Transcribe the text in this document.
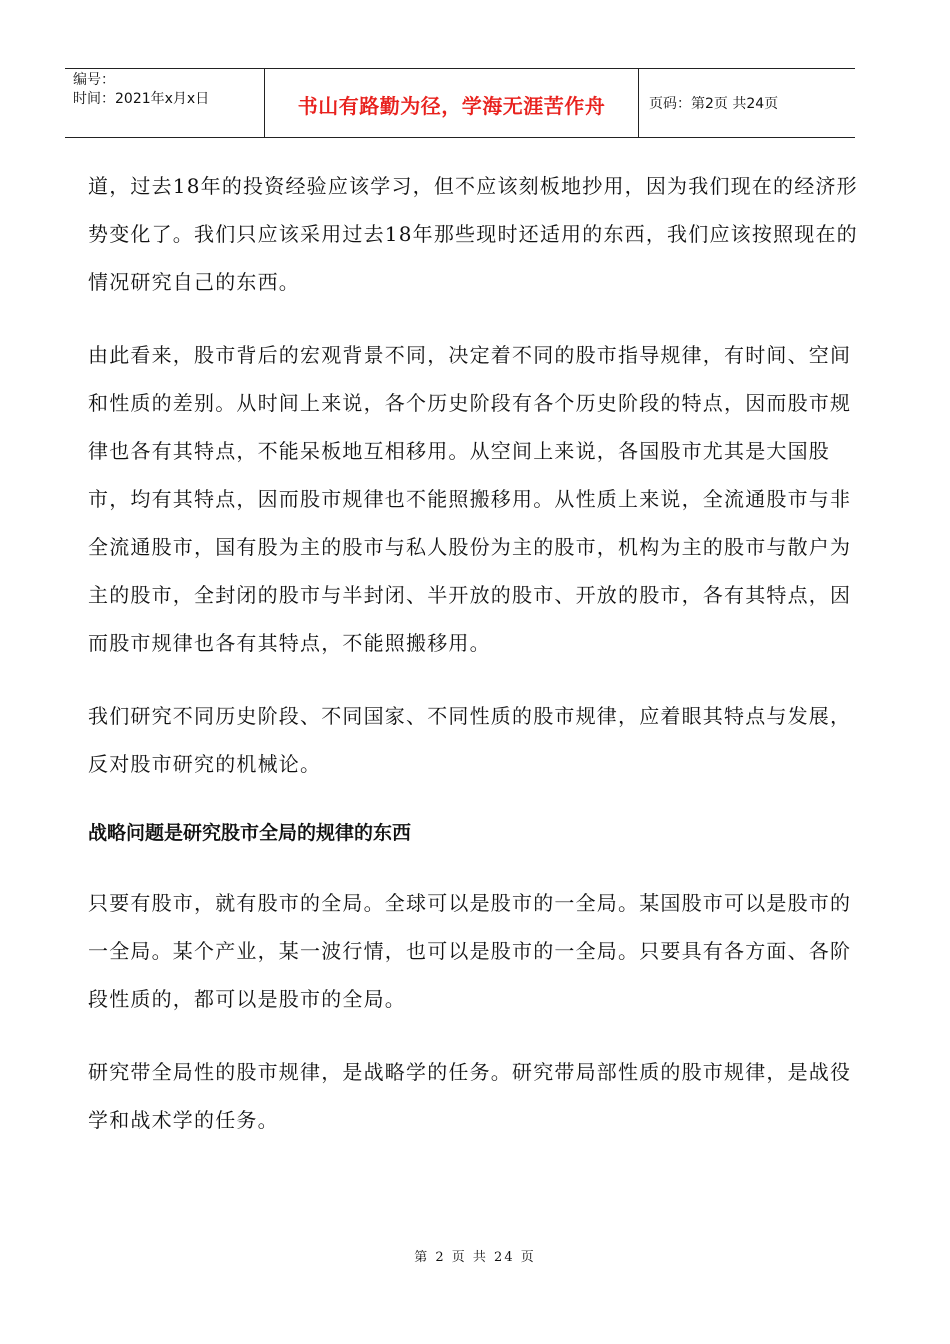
编号：
时间：2021年x月x日	书山有路勤为径，学海无涯苦作舟	页码：第2页 共24页

道，过去18年的投资经验应该学习，但不应该刻板地抄用，因为我们现在的经济形势变化了。我们只应该采用过去18年那些现时还适用的东西，我们应该按照现在的情况研究自己的东西。

由此看来，股市背后的宏观背景不同，决定着不同的股市指导规律，有时间、空间和性质的差别。从时间上来说，各个历史阶段有各个历史阶段的特点，因而股市规律也各有其特点，不能呆板地互相移用。从空间上来说，各国股市尤其是大国股市，均有其特点，因而股市规律也不能照搬移用。从性质上来说，全流通股市与非全流通股市，国有股为主的股市与私人股份为主的股市，机构为主的股市与散户为主的股市，全封闭的股市与半封闭、半开放的股市、开放的股市，各有其特点，因而股市规律也各有其特点，不能照搬移用。

我们研究不同历史阶段、不同国家、不同性质的股市规律，应着眼其特点与发展，反对股市研究的机械论。

战略问题是研究股市全局的规律的东西

只要有股市，就有股市的全局。全球可以是股市的一全局。某国股市可以是股市的一全局。某个产业，某一波行情，也可以是股市的一全局。只要具有各方面、各阶段性质的，都可以是股市的全局。

研究带全局性的股市规律，是战略学的任务。研究带局部性质的股市规律，是战役学和战术学的任务。

第 2 页 共 24 页
